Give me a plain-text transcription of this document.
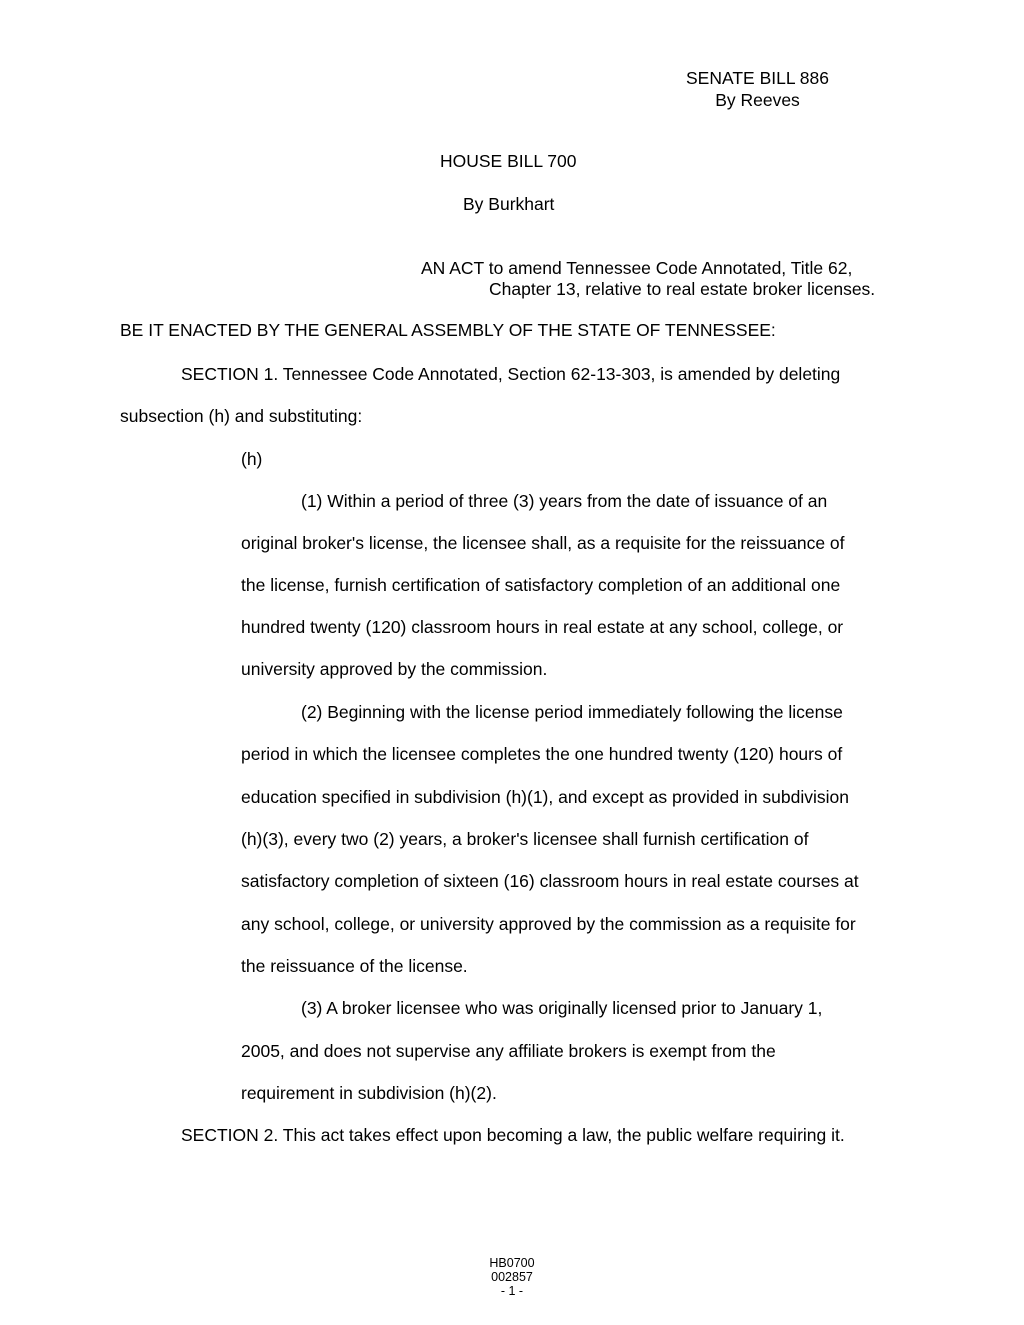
SENATE BILL 886
By Reeves
HOUSE BILL 700
By Burkhart
AN ACT to amend Tennessee Code Annotated, Title 62,
Chapter 13, relative to real estate broker licenses.
BE IT ENACTED BY THE GENERAL ASSEMBLY OF THE STATE OF TENNESSEE:
SECTION 1. Tennessee Code Annotated, Section 62-13-303, is amended by deleting
subsection (h) and substituting:
(h)
(1) Within a period of three (3) years from the date of issuance of an
original broker's license, the licensee shall, as a requisite for the reissuance of
the license, furnish certification of satisfactory completion of an additional one
hundred twenty (120) classroom hours in real estate at any school, college, or
university approved by the commission.
(2) Beginning with the license period immediately following the license
period in which the licensee completes the one hundred twenty (120) hours of
education specified in subdivision (h)(1), and except as provided in subdivision
(h)(3), every two (2) years, a broker's licensee shall furnish certification of
satisfactory completion of sixteen (16) classroom hours in real estate courses at
any school, college, or university approved by the commission as a requisite for
the reissuance of the license.
(3) A broker licensee who was originally licensed prior to January 1,
2005, and does not supervise any affiliate brokers is exempt from the
requirement in subdivision (h)(2).
SECTION 2. This act takes effect upon becoming a law, the public welfare requiring it.
HB0700
002857
- 1 -
